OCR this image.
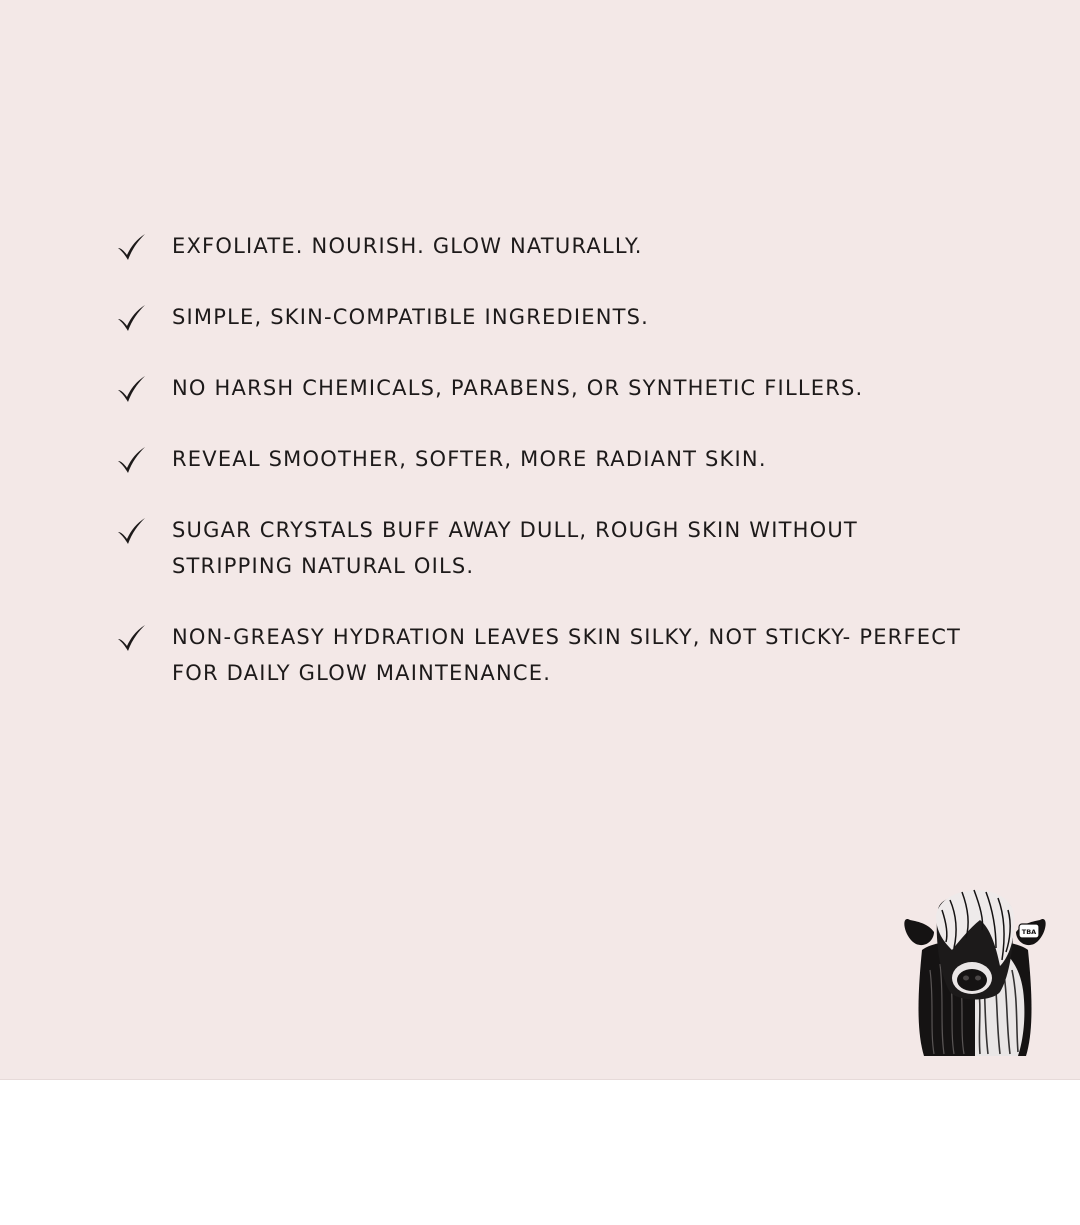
EXFOLIATE. NOURISH. GLOW NATURALLY.
SIMPLE, SKIN-COMPATIBLE INGREDIENTS.
NO HARSH CHEMICALS, PARABENS, OR SYNTHETIC FILLERS.
REVEAL SMOOTHER, SOFTER, MORE RADIANT SKIN.
SUGAR CRYSTALS BUFF AWAY DULL, ROUGH SKIN WITHOUT STRIPPING NATURAL OILS.
NON-GREASY HYDRATION LEAVES SKIN SILKY, NOT STICKY- PERFECT FOR DAILY GLOW MAINTENANCE.
TBA
